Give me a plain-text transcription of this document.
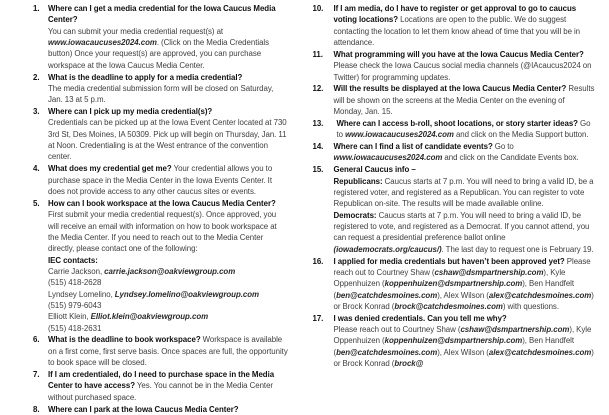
1.	Where can I get a media credential for the Iowa Caucus Media Center?
You can submit your media credential request(s) at www.iowacaucuses2024.com. (Click on the Media Credentials button) Once your request(s) are approved, you can purchase workspace at the Iowa Caucus Media Center.
2.	What is the deadline to apply for a media credential?
The media credential submission form will be closed on Saturday, Jan. 13 at 5 p.m.
3.	Where can I pick up my media credential(s)?
Credentials can be picked up at the Iowa Event Center located at 730 3rd St, Des Moines, IA 50309. Pick up will begin on Thursday, Jan. 11 at Noon. Credentialing is at the West entrance of the convention center.
4.	What does my credential get me? Your credential allows you to purchase space in the Media Center in the Iowa Events Center. It does not provide access to any other caucus sites or events.
5.	How can I book workspace at the Iowa Caucus Media Center? First submit your media credential request(s). Once approved, you will receive an email with information on how to book workspace at the Media Center. If you need to reach out to the Media Center directly, please contact one of the following:
IEC contacts:
Carrie Jackson, carrie.jackson@oakviewgroup.com
(515) 418-2628
Lyndsey Lomelino, Lyndsey.lomelino@oakviewgroup.com
(515) 979-6043
Elliott Klein, Elliot.klein@oakviewgroup.com
(515) 418-2631
6.	What is the deadline to book workspace? Workspace is available on a first come, first serve basis. Once spaces are full, the opportunity to book space will be closed.
7.	If I am credentialed, do I need to purchase space in the Media Center to have access? Yes. You cannot be in the Media Center without purchased space.
8.	Where can I park at the Iowa Caucus Media Center?

10.	If I am media, do I have to register or get approval to go to caucus voting locations? Locations are open to the public. We do suggest contacting the location to let them know ahead of time that you will be in attendance.
11.	What programming will you have at the Iowa Caucus Media Center? Please check the Iowa Caucus social media channels (@IAcaucus2024 on Twitter) for programming updates.
12.	Will the results be displayed at the Iowa Caucus Media Center? Results will be shown on the screens at the Media Center on the evening of Monday, Jan. 15.
13.	Where can I access b-roll, shoot locations, or story starter ideas? Go to www.iowacaucuses2024.com and click on the Media Support button.
14.	Where can I find a list of candidate events? Go to www.iowacaucuses2024.com and click on the Candidate Events box.
15.	General Caucus info –

Republicans: Caucus starts at 7 p.m. You will need to bring a valid ID, be a registered voter, and registered as a Republican. You can register to vote Republican on-site. The results will be made available online.
Democrats: Caucus starts at 7 p.m. You will need to bring a valid ID, be registered to vote, and registered as a Democrat. If you cannot attend, you can request a presidential preference ballot online (iowademocrats.org/caucus/). The last day to request one is February 19.
16.	I applied for media credentials but haven’t been approved yet? Please reach out to Courtney Shaw (cshaw@dsmpartnership.com), Kyle Oppenhuizen (koppenhuizen@dsmpartnership.com), Ben Handfelt (ben@catchdesmoines.com), Alex Wilson (alex@catchdesmoines.com) or Brock Konrad (brock@catchdesmoines.com) with questions.
17.	I was denied credentials. Can you tell me why?
Please reach out to Courtney Shaw (cshaw@dsmpartnership.com), Kyle Oppenhuizen (koppenhuizen@dsmpartnership.com), Ben Handfelt (ben@catchdesmoines.com), Alex Wilson (alex@catchdesmoines.com) or Brock Konrad (brock@
